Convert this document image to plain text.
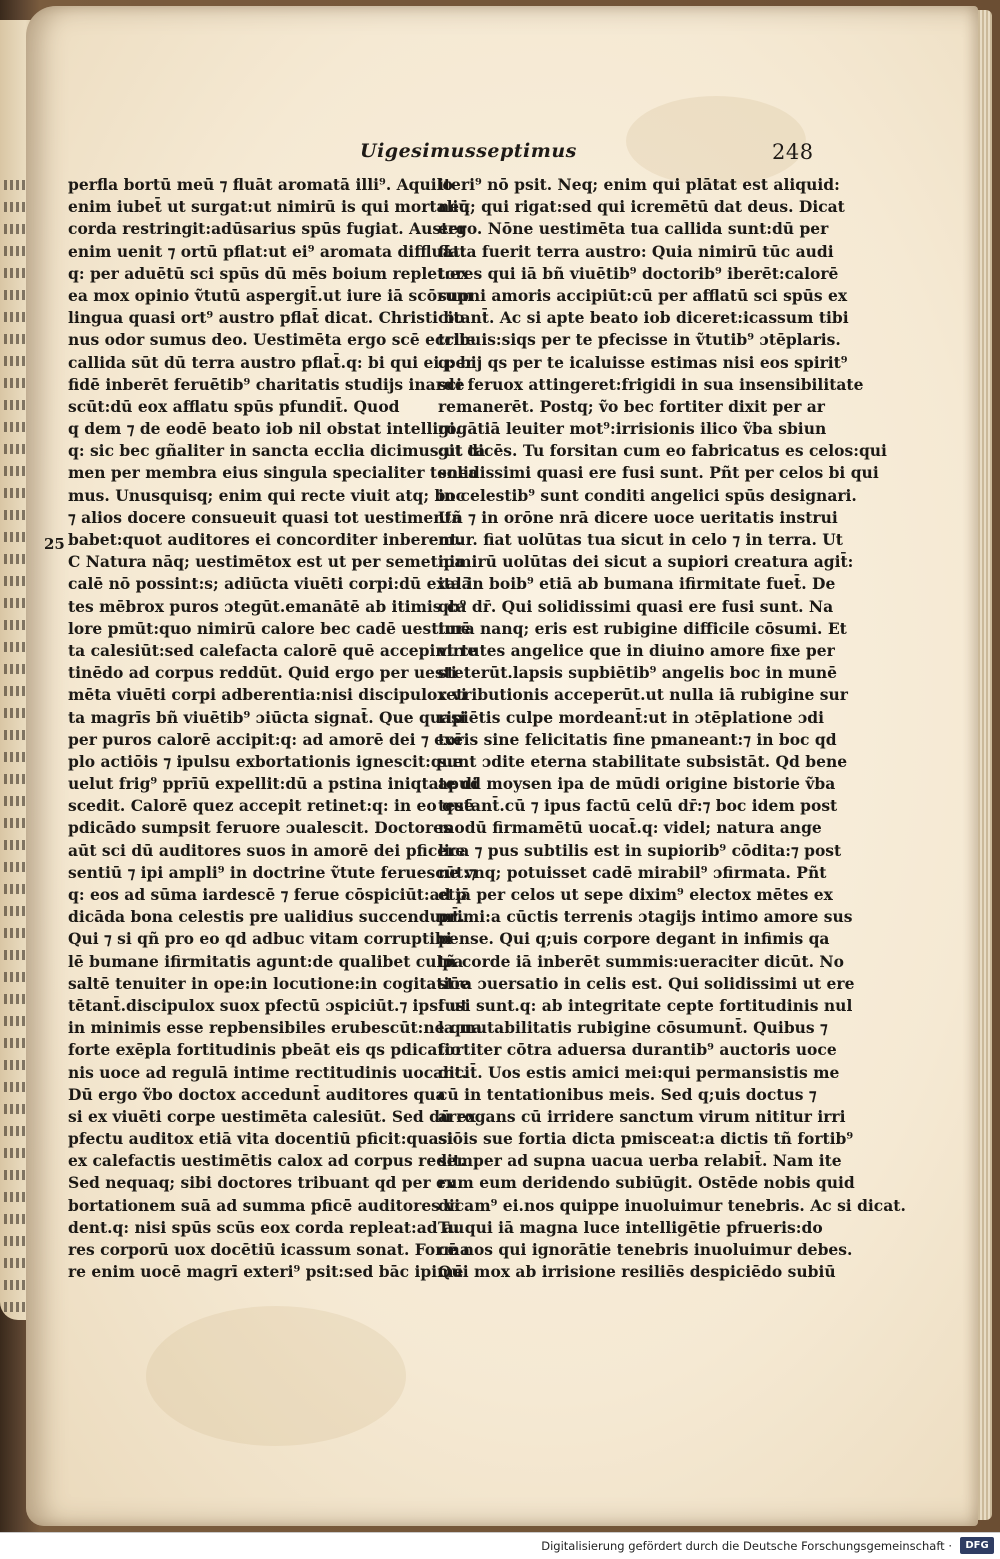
Uigesimusseptimus	248
25
perfla bortū meū ⁊ fluāt aromatā illi⁹. Aquilo
enim iubet̄ ut surgat:ut nimirū is qui mortaliū
corda restringit:adūsarius spūs fugiat. Auster
enim uenit ⁊ ortū pflat:ut ei⁹ aromata diffluāt:
q: per aduētū sci spūs dū mēs boium replet:ex
ea mox opinio ṽtutū aspergit̄.ut iure iā scōrum
lingua quasi ort⁹ austro pflat̄ dicat. Christi bo
nus odor sumus deo. Uestimēta ergo scē ecclie
callida sūt dū terra austro pflat̄.q: bi qui ei per
fidē inberēt feruētib⁹ charitatis studijs inarde
scūt:dū eox afflatu spūs pfundit̄. Quod
q dem ⁊ de eodē beato iob nil obstat intelligi.
q: sic bec gñaliter in sancta ecclia dicimus:ut ta
men per membra eius singula specialiter tenea
mus. Unusquisq; enim qui recte viuit atq; boc
⁊ alios docere consueuit quasi tot uestimenta
babet:quot auditores ei concorditer inberent.
C Natura nāq; uestimētox est ut per semetipa
calē nō possint:s; adiūcta viuēti corpi:dū exalā
tes mēbrox puros ɔtegūt.emanātē ab itimis ca
lore pmūt:quo nimirū calore bec cadē uestimē
ta calesiūt:sed calefacta calorē quē accepint re
tinēdo ad corpus reddūt. Quid ergo per uesti
mēta viuēti corpi adberentia:nisi discipulox vi
ta magrīs bñ viuētib⁹ ɔiūcta signat̄. Que quasi
per puros calorē accipit:q: ad amorē dei ⁊ exē
plo actiōis ⁊ ipulsu exbortationis ignescit:que
uelut frig⁹ pprīū expellit:dū a pstina iniqtate di
scedit. Calorē quez accepit retinet:q: in eo quē
pdicādo sumpsit feruore ɔualescit. Doctores
aūt sci dū auditores suos in amorē dei pficere
sentiū ⁊ ipi ampli⁹ in doctrine ṽtute feruescūt:⁊
q: eos ad sūma iardescē ⁊ ferue cōspiciūt:ad p
dicāda bona celestis pre ualidius succendunt̄.
Qui ⁊ si qñ pro eo qd adbuc vitam corruptibi
lē bumane ifirmitatis agunt:de qualibet culpa
saltē tenuiter in ope:in locutione:in cogitatiōe
tētant̄.discipulox suox pfectū ɔspiciūt.⁊ ipsi ut
in minimis esse repbensibiles erubescūt:ne qua
forte exēpla fortitudinis pbeāt eis qs pdicatio
nis uoce ad regulā intime rectitudinis uocant.
Dū ergo ṽbo doctox accedunt̄ auditores qua
si ex viuēti corpe uestimēta calesiūt. Sed dū ex
pfectu auditox etiā vita docentiū pficit:quasi
ex calefactis uestimētis calox ad corpus redit.
Sed nequaq; sibi doctores tribuant qd per ex
bortationem suā ad summa pficē auditores vi
dent.q: nisi spūs scūs eox corda repleat:ad au
res corporū uox docētiū icassum sonat. Forma
re enim uocē magrī exteri⁹ psit:sed bāc ipimē
iteri⁹ nō psit. Neq; enim qui plātat est aliquid:
neq; qui rigat:sed qui icremētū dat deus. Dicat
ergo. Nōne uestimēta tua callida sunt:dū per
flata fuerit terra austro: Quia nimirū tūc audi
tores qui iā bñ viuētib⁹ doctorib⁹ iberēt:calorē
supni amoris accipiūt:cū per afflatū sci spūs ex
citant̄. Ac si apte beato iob diceret:icassum tibi
tribuis:siqs per te pfecisse in ṽtutib⁹ ɔtēplaris.
q: bij qs per te icaluisse estimas nisi eos spirit⁹
sci feruox attingeret:frigidi in sua insensibilitate
remanerēt. Postq; ṽo bec fortiter dixit per ar
rogātiā leuiter mot⁹:irrisionis ilico ṽba sbiun
git dicēs. Tu forsitan cum eo fabricatus es celos:qui
solidissimi quasi ere fusi sunt. Pñt per celos bi qui
in celestib⁹ sunt conditi angelici spūs designari.
Uñ ⁊ in orōne nrā dicere uoce ueritatis instrui
mur. fiat uolūtas tua sicut in celo ⁊ in terra. Ut
nimirū uolūtas dei sicut a supiori creatura agit̄:
ita in boib⁹ etiā ab bumana ifirmitate fuet̄. De
qb⁹ dr̄. Qui solidissimi quasi ere fusi sunt. Na
tura nanq; eris est rubigine difficile cōsumi. Et
virtutes angelice que in diuino amore fixe per
steterūt.lapsis supbiētib⁹ angelis boc in munē
retributionis acceperūt.ut nulla iā rubigine sur
ripiētis culpe mordeant̄:ut in ɔtēplatione ɔdi
toris sine felicitatis fine pmaneant:⁊ in boc qd
sunt ɔdite eterna stabilitate subsistāt. Qd bene
apud moysen ipa de mūdi origine bistorie ṽba
testant̄.cū ⁊ ipus factū celū dr̄:⁊ boc idem post
modū firmamētū uocat̄.q: videl; natura ange
lica ⁊ pus subtilis est in supiorib⁹ cōdita:⁊ post
ne vnq; potuisset cadē mirabil⁹ ɔfirmata. Pñt
etiā per celos ut sepe dixim⁹ electox mētes ex
primi:a cūctis terrenis ɔtagijs intimo amore sus
pense. Qui q;uis corpore degant in infimis qa
tñ corde iā inberēt summis:ueraciter dicūt. No
stra ɔuersatio in celis est. Qui solidissimi ut ere
fusi sunt.q: ab integritate cepte fortitudinis nul
la mutabilitatis rubigine cōsumunt̄. Quibus ⁊
fortiter cōtra aduersa durantib⁹ auctoris uoce
dicit̄. Uos estis amici mei:qui permansistis me
cū in tentationibus meis. Sed q;uis doctus ⁊
arrogans cū irridere sanctum virum nititur irri
siōis sue fortia dicta pmisceat:a dictis tñ fortib⁹
semper ad supna uacua uerba relabit̄. Nam ite
rum eum deridendo subiūgit. Ostēde nobis quid
dicam⁹ ei.nos quippe inuoluimur tenebris. Ac si dicat.
Tu qui iā magna luce intelligētie pfrueris:do
cē nos qui ignorātie tenebris inuoluimur debes.
Qui mox ab irrisione resiliēs despiciēdo subiū
Digitalisierung gefördert durch die Deutsche Forschungsgemeinschaft ·	DFG
